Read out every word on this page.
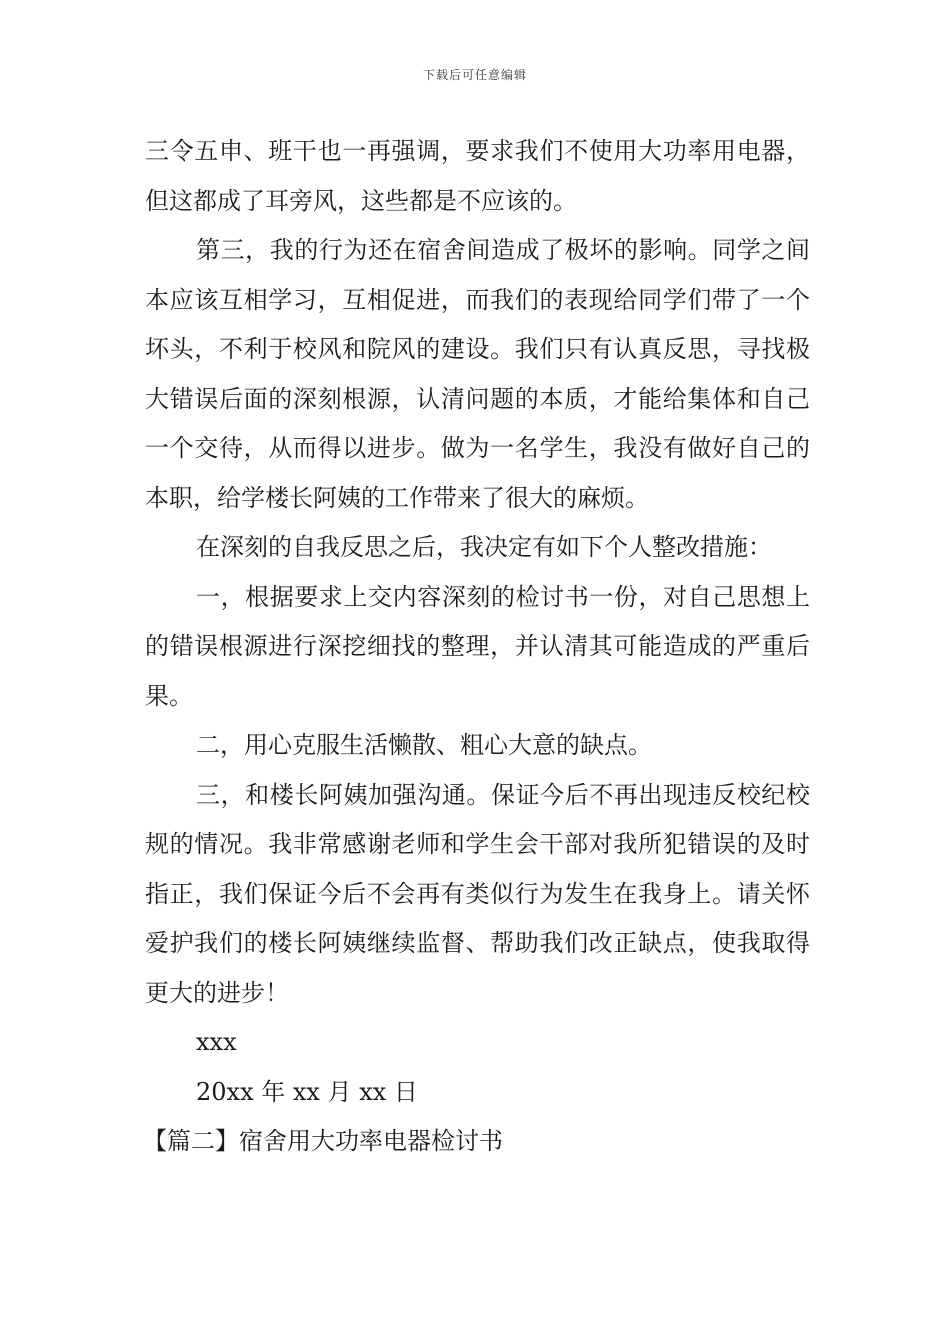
下载后可任意编辑

三令五申、班干也一再强调，要求我们不使用大功率用电器，但这都成了耳旁风，这些都是不应该的。

第三，我的行为还在宿舍间造成了极坏的影响。同学之间本应该互相学习，互相促进，而我们的表现给同学们带了一个坏头，不利于校风和院风的建设。我们只有认真反思，寻找极大错误后面的深刻根源，认清问题的本质，才能给集体和自己一个交待，从而得以进步。做为一名学生，我没有做好自己的本职，给学楼长阿姨的工作带来了很大的麻烦。

在深刻的自我反思之后，我决定有如下个人整改措施：

一，根据要求上交内容深刻的检讨书一份，对自己思想上的错误根源进行深挖细找的整理，并认清其可能造成的严重后果。

二，用心克服生活懒散、粗心大意的缺点。

三，和楼长阿姨加强沟通。保证今后不再出现违反校纪校规的情况。我非常感谢老师和学生会干部对我所犯错误的及时指正，我们保证今后不会再有类似行为发生在我身上。请关怀爱护我们的楼长阿姨继续监督、帮助我们改正缺点，使我取得更大的进步！

xxx

20xx 年 xx 月 xx 日

【篇二】宿舍用大功率电器检讨书
